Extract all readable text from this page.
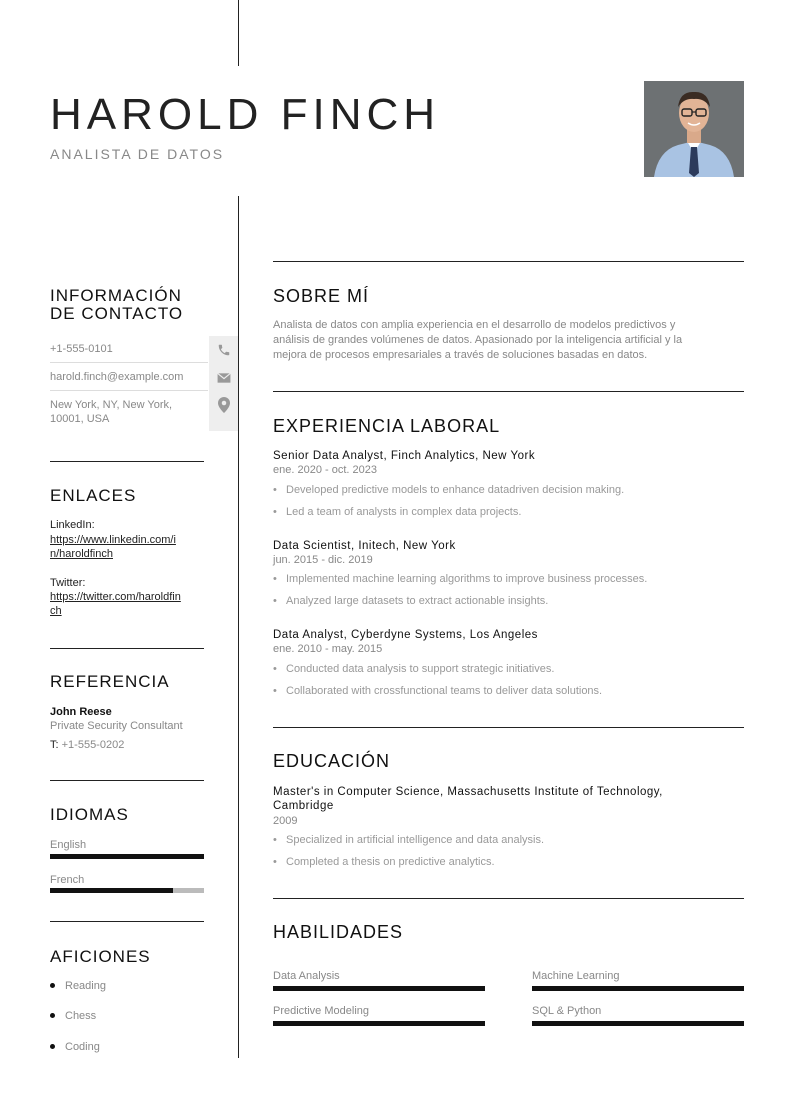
HAROLD FINCH
ANALISTA DE DATOS
INFORMACIÓN
DE CONTACTO
+1-555-0101
harold.finch@example.com
New York, NY, New York,
10001, USA
ENLACES
LinkedIn:
https://www.linkedin.com/i
n/haroldfinch
Twitter:
https://twitter.com/haroldfin
ch
REFERENCIA
John Reese
Private Security Consultant
T: +1-555-0202
IDIOMAS
English
French
AFICIONES
Reading
Chess
Coding
SOBRE MÍ
Analista de datos con amplia experiencia en el desarrollo de modelos predictivos y
análisis de grandes volúmenes de datos. Apasionado por la inteligencia artificial y la
mejora de procesos empresariales a través de soluciones basadas en datos.
EXPERIENCIA LABORAL
Senior Data Analyst, Finch Analytics, New York
ene. 2020 - oct. 2023
• Developed predictive models to enhance datadriven decision making.
• Led a team of analysts in complex data projects.
Data Scientist, Initech, New York
jun. 2015 - dic. 2019
• Implemented machine learning algorithms to improve business processes.
• Analyzed large datasets to extract actionable insights.
Data Analyst, Cyberdyne Systems, Los Angeles
ene. 2010 - may. 2015
• Conducted data analysis to support strategic initiatives.
• Collaborated with crossfunctional teams to deliver data solutions.
EDUCACIÓN
Master's in Computer Science, Massachusetts Institute of Technology,
Cambridge
2009
• Specialized in artificial intelligence and data analysis.
• Completed a thesis on predictive analytics.
HABILIDADES
Data Analysis	Machine Learning
Predictive Modeling	SQL & Python
